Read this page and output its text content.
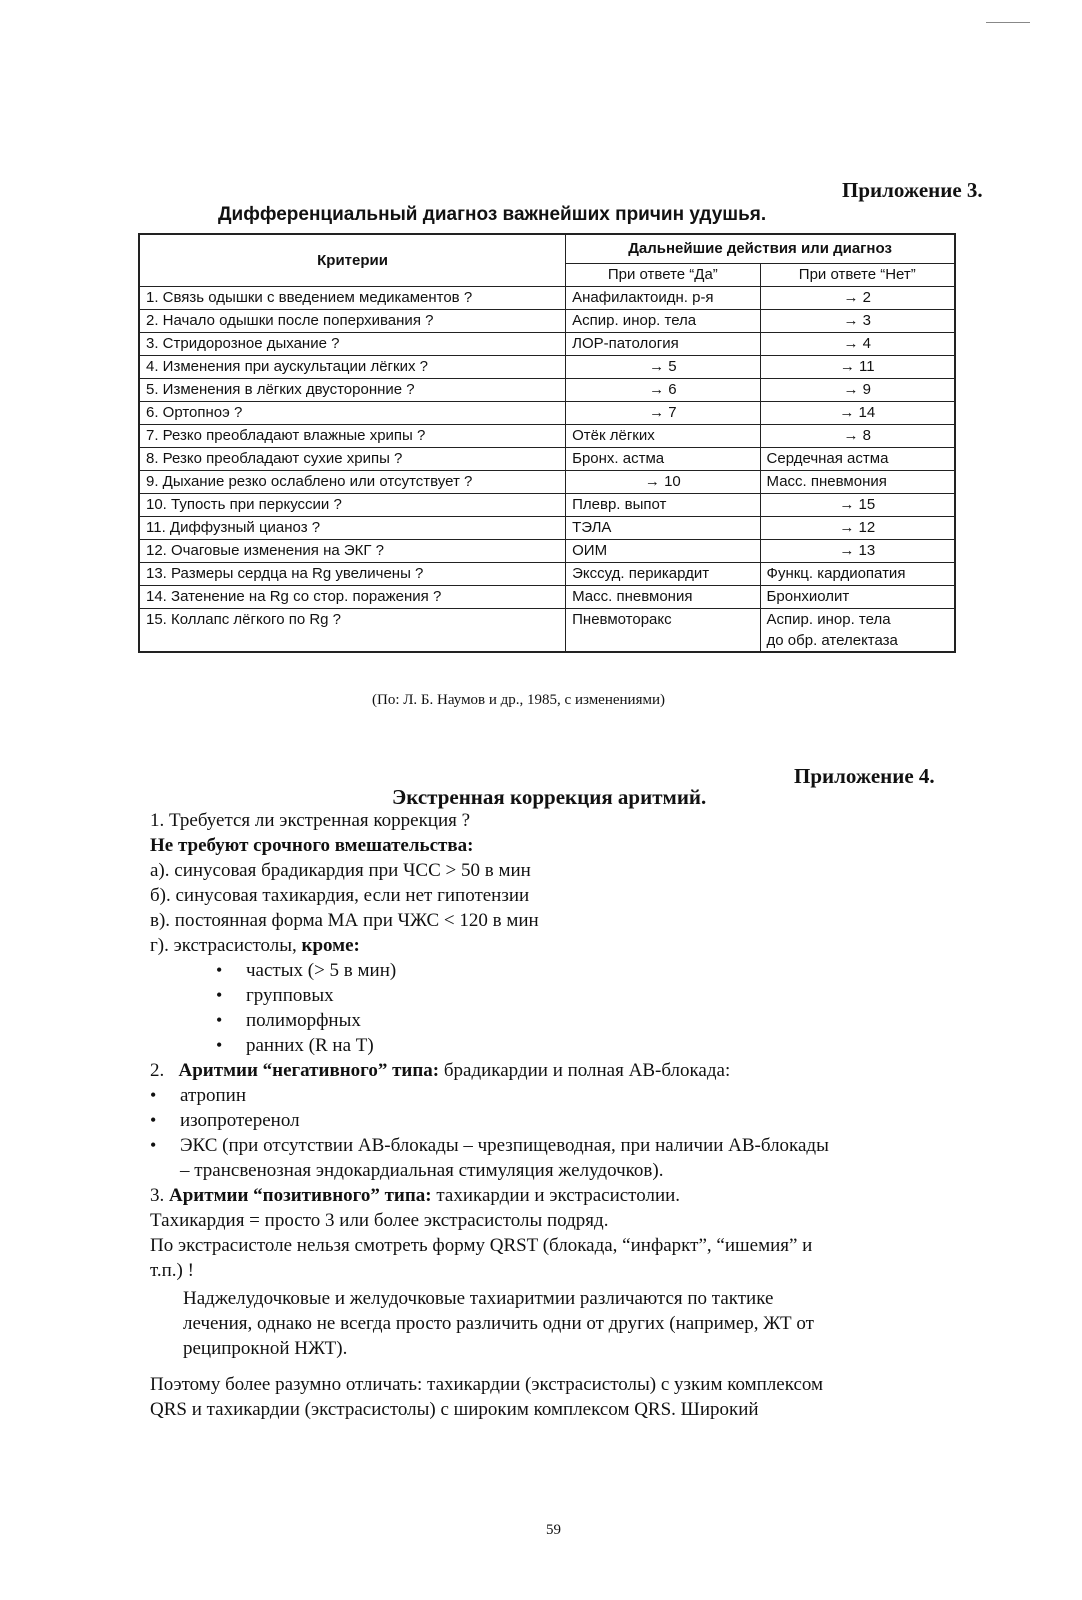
Приложение 3.
Дифференциальный диагноз важнейших причин удушья.
Критерии	Дальнейшие действия или диагноз	
	При ответе “Да”	При ответе “Нет”
1. Связь одышки с введением медикаментов ?	Анафилактоидн. р-я	→ 2
2. Начало одышки после поперхивания ?	Аспир. инор. тела	→ 3
3. Стридорозное дыхание ?	ЛОР-патология	→ 4
4. Изменения при аускультации лёгких ?	→ 5	→ 11
5. Изменения в лёгких двусторонние ?	→ 6	→ 9
6. Ортопноэ ?	→ 7	→ 14
7. Резко преобладают влажные хрипы ?	Отёк лёгких	→ 8
8. Резко преобладают сухие хрипы ?	Бронх. астма	Сердечная астма
9. Дыхание резко ослаблено или отсутствует ?	→ 10	Масс. пневмония
10. Тупость при перкуссии ?	Плевр. выпот	→ 15
11. Диффузный цианоз ?	ТЭЛА	→ 12
12. Очаговые изменения на ЭКГ ?	ОИМ	→ 13
13. Размеры сердца на Rg увеличены ?	Экссуд. перикардит	Функц. кардиопатия
14. Затенение на Rg со стор. поражения ?	Масс. пневмония	Бронхиолит
15. Коллапс лёгкого по Rg ?	Пневмоторакс	Аспир. инор. тела
до обр. ателектаза
(По: Л. Б. Наумов и др., 1985, с изменениями)
Приложение 4.
Экстренная коррекция аритмий.
1. Требуется ли экстренная коррекция ?
Не требуют срочного вмешательства:
а). синусовая брадикардия при ЧСС > 50 в мин
б). синусовая тахикардия, если нет гипотензии
в). постоянная форма МА при ЧЖС < 120 в мин
г). экстрасистолы, кроме:
• частых (> 5 в мин)
• групповых
• полиморфных
• ранних (R на T)
2. Аритмии “негативного” типа: брадикардии и полная АВ-блокада:
• атропин
• изопротеренол
• ЭКС (при отсутствии АВ-блокады – чрезпищеводная, при наличии АВ-блокады
– трансвенозная эндокардиальная стимуляция желудочков).
3. Аритмии “позитивного” типа: тахикардии и экстрасистолии.
Тахикардия = просто 3 или более экстрасистолы подряд.
По экстрасистоле нельзя смотреть форму QRST (блокада, “инфаркт”, “ишемия” и
т.п.) !
Наджелудочковые и желудочковые тахиаритмии различаются по тактике
лечения, однако не всегда просто различить одни от других (например, ЖТ от
реципрокной НЖТ).
Поэтому более разумно отличать: тахикардии (экстрасистолы) с узким комплексом
QRS и тахикардии (экстрасистолы) с широким комплексом QRS. Широкий
59
